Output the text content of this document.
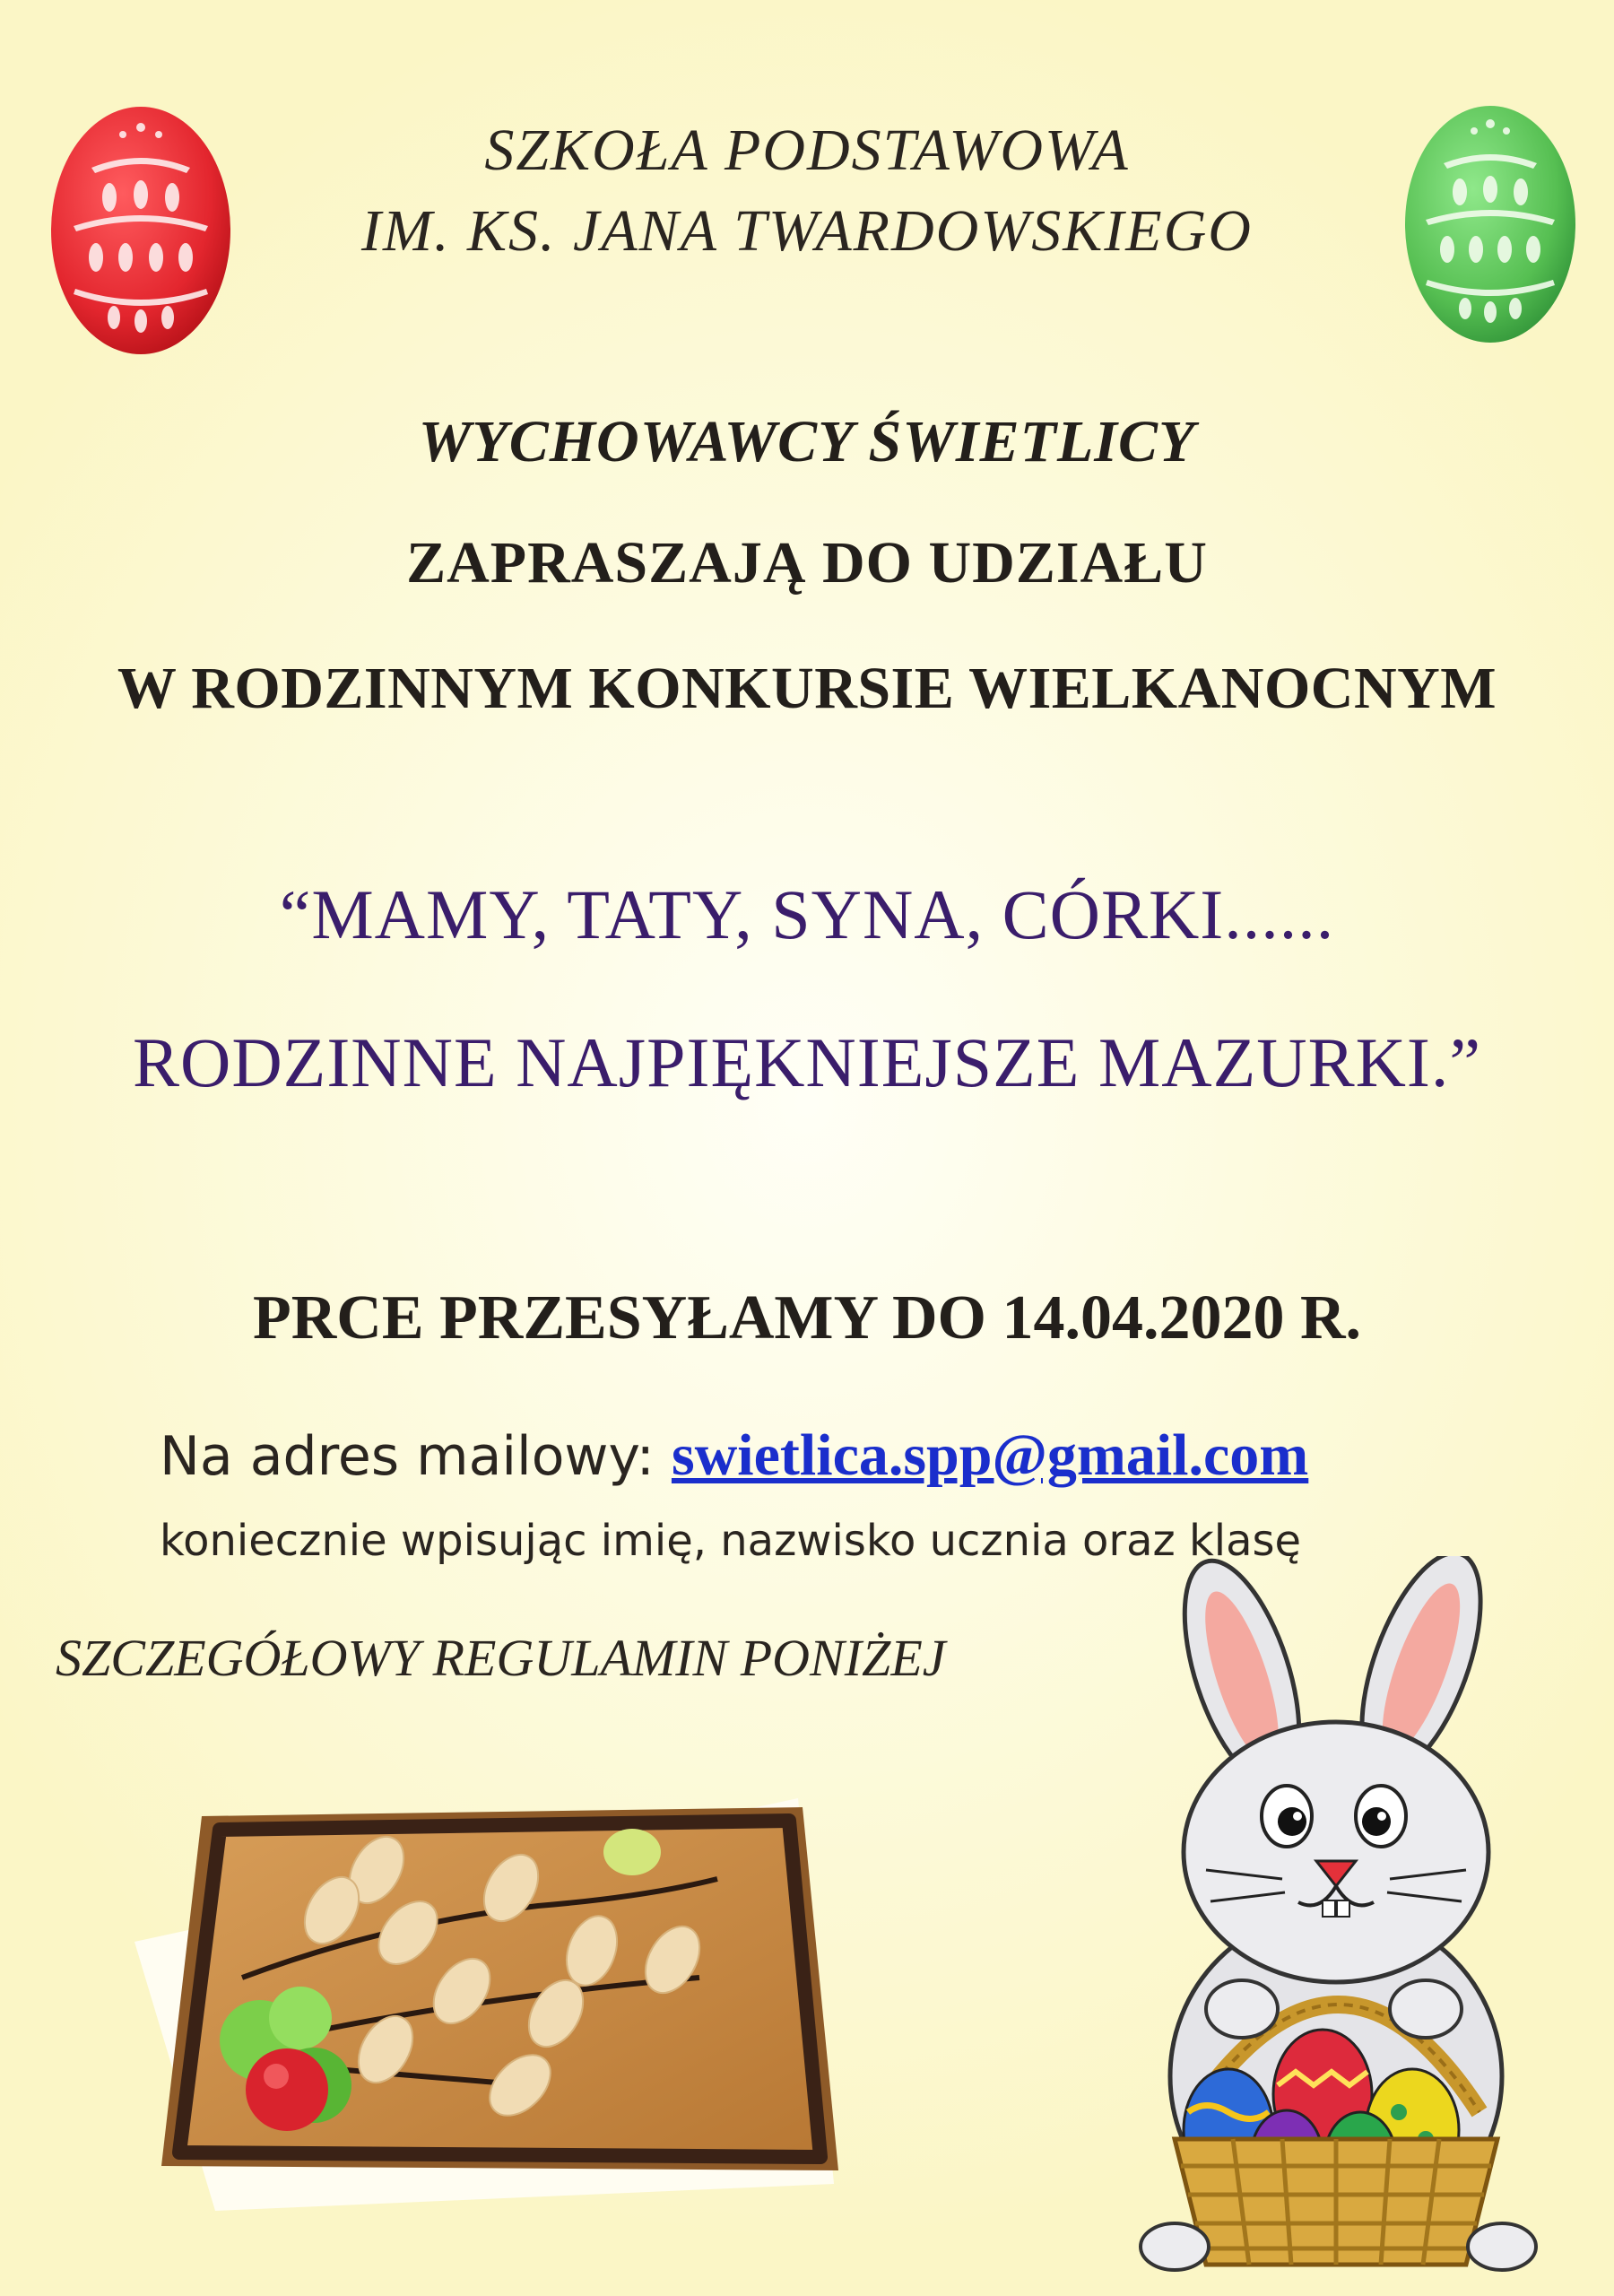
SZKOŁA PODSTAWOWA
IM. KS. JANA TWARDOWSKIEGO
WYCHOWAWCY ŚWIETLICY
ZAPRASZAJĄ DO UDZIAŁU
W RODZINNYM KONKURSIE WIELKANOCNYM
“MAMY, TATY, SYNA, CÓRKI......
RODZINNE NAJPIĘKNIEJSZE MAZURKI.”
PRCE PRZESYŁAMY DO 14.04.2020 R.
Na adres mailowy: swietlica.spp@gmail.com
koniecznie wpisując imię, nazwisko ucznia oraz klasę
SZCZEGÓŁOWY REGULAMIN PONIŻEJ
